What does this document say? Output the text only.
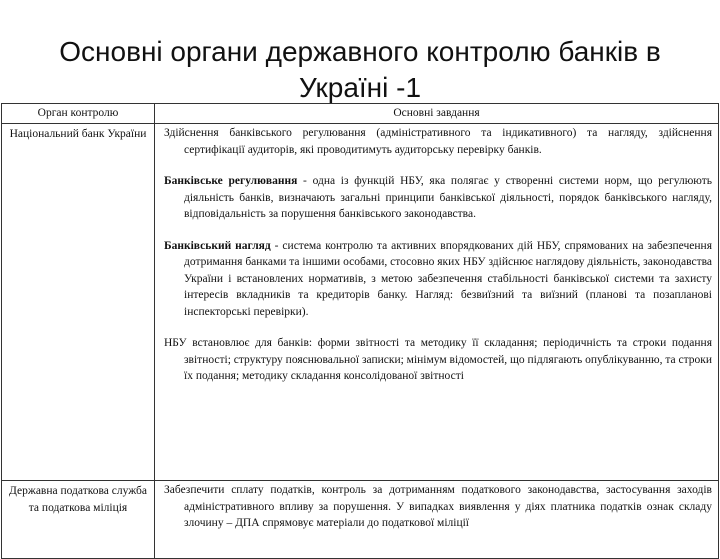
Основні органи державного контролю банків в Україні -1
Орган контролю	Основні завдання
Національний банк України	Здійснення банківського регулювання (адміністративного та індикативного) та нагляду, здійснення сертифікації аудиторів, які проводитимуть аудиторську перевірку банків.

Банківське регулювання - одна із функцій НБУ, яка полягає у створенні системи норм, що регулюють діяльність банків, визначають загальні принципи банківської діяльності, порядок банківського нагляду, відповідальність за порушення банківського законодавства.

Банківський нагляд - система контролю та активних впорядкованих дій НБУ, спрямованих на забезпечення дотримання банками та іншими особами, стосовно яких НБУ здійснює наглядову діяльність, законодавства України і встановлених нормативів, з метою забезпечення стабільності банківської системи та захисту інтересів вкладників та кредиторів банку. Нагляд: безвиїзний та виїзний (планові та позапланові інспекторські перевірки).

НБУ встановлює для банків: форми звітності та методику її складання; періодичність та строки подання звітності; структуру пояснювальної записки; мінімум відомостей, що підлягають опублікуванню, та строки їх подання; методику складання консолідованої звітності

Державна податкова служба та податкова міліція	Забезпечити сплату податків, контроль за дотриманням податкового законодавства, застосування заходів адміністративного впливу за порушення. У випадках виявлення у діях платника податків ознак складу злочину – ДПА спрямовує матеріали до податкової міліції
